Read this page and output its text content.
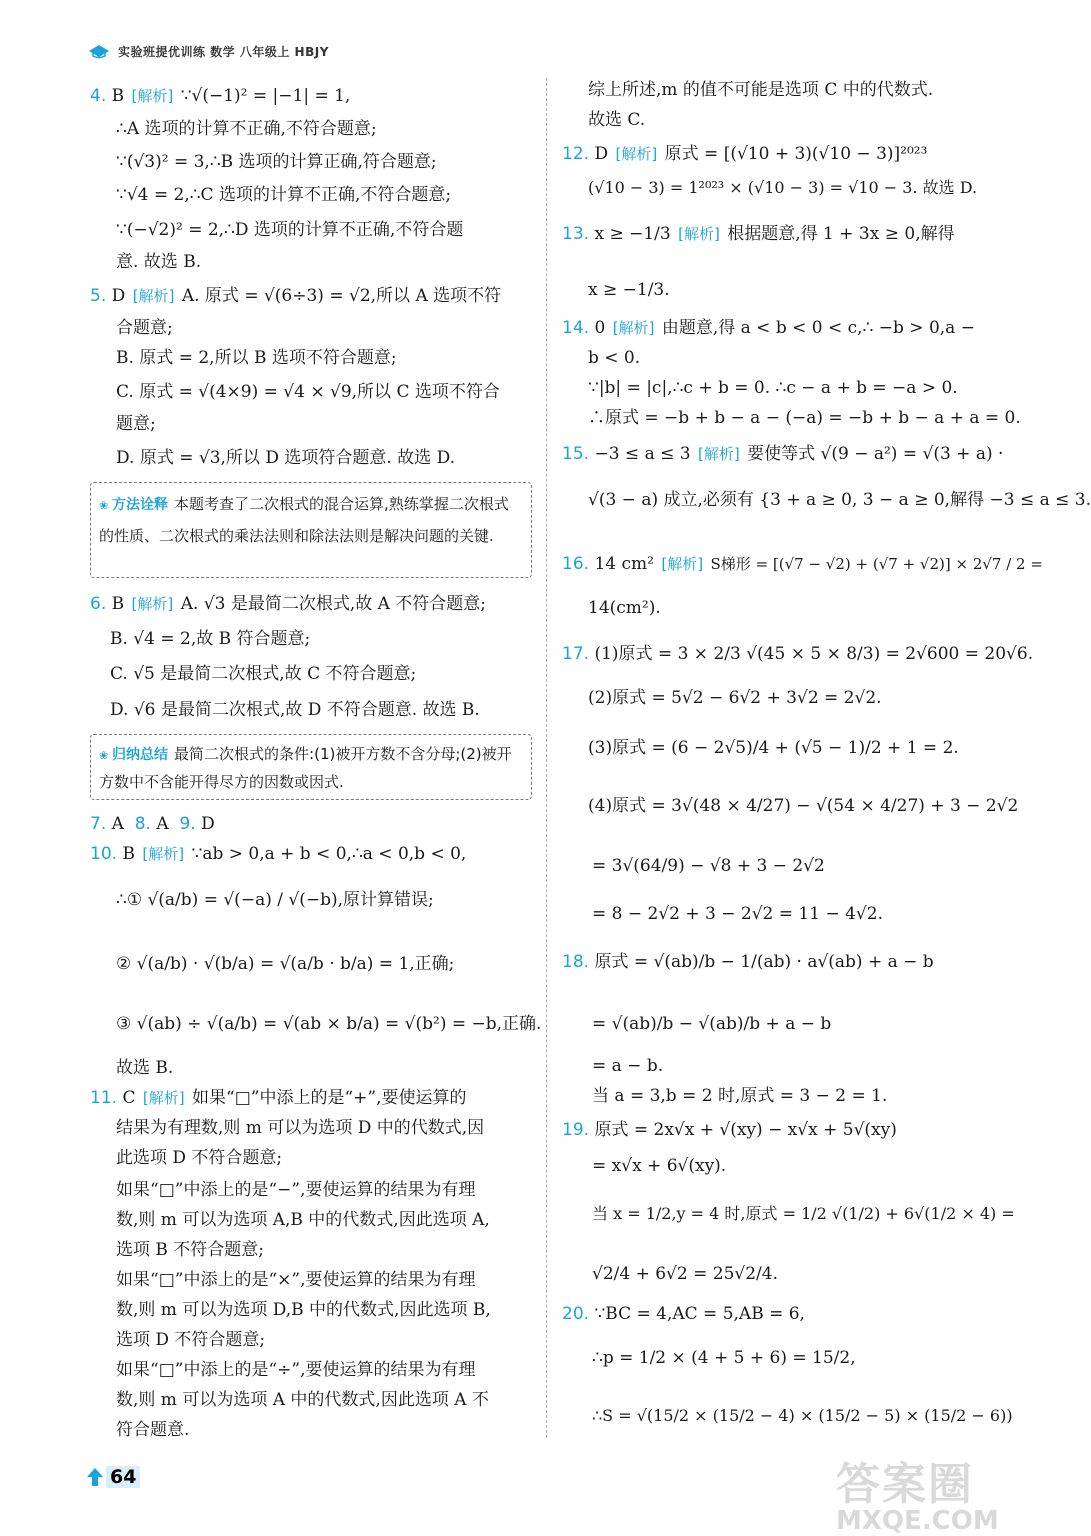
实验班提优训练 数学 八年级上 HBJY
4. B [ 解析 ] ∵√(−1)² = |−1| = 1,
∴A 选项的计算不正确,不符合题意;
∵(√3)² = 3,∴B 选项的计算正确,符合题意;
∵√4 = 2,∴C 选项的计算不正确,不符合题意;
∵(−√2)² = 2,∴D 选项的计算不正确,不符合题
意. 故选 B.
5. D [ 解析 ] A. 原式 = √(6÷3) = √2,所以 A 选项不符
合题意;
B. 原式 = 2,所以 B 选项不符合题意;
C. 原式 = √(4×9) = √4 × √9,所以 C 选项不符合
题意;
D. 原式 = √3,所以 D 选项符合题意. 故选 D.
❀ 方法诠释 本题考查了二次根式的混合运算,熟练掌握二次根式的性质、二次根式的乘法法则和除法法则是解决问题的关键.
6. B [ 解析 ] A. √3 是最简二次根式,故 A 不符合题意;
B. √4 = 2,故 B 符合题意;
C. √5 是最简二次根式,故 C 不符合题意;
D. √6 是最简二次根式,故 D 不符合题意. 故选 B.
❀ 归纳总结 最简二次根式的条件:(1)被开方数不含分母;(2)被开方数中不含能开得尽方的因数或因式.
7. A 8. A 9. D
10. B [ 解析 ] ∵ab > 0,a + b < 0,∴a < 0,b < 0,
∴① √(a/b) = √(−a) / √(−b),原计算错误;
② √(a/b) · √(b/a) = √(a/b · b/a) = 1,正确;
③ √(ab) ÷ √(a/b) = √(ab × b/a) = √(b²) = −b,正确.
故选 B.
11. C [ 解析 ] 如果“□”中添上的是“+”,要使运算的
结果为有理数,则 m 可以为选项 D 中的代数式,因
此选项 D 不符合题意;
如果“□”中添上的是“−”,要使运算的结果为有理
数,则 m 可以为选项 A,B 中的代数式,因此选项 A,
选项 B 不符合题意;
如果“□”中添上的是“×”,要使运算的结果为有理
数,则 m 可以为选项 D,B 中的代数式,因此选项 B,
选项 D 不符合题意;
如果“□”中添上的是“÷”,要使运算的结果为有理
数,则 m 可以为选项 A 中的代数式,因此选项 A 不
符合题意.
综上所述,m 的值不可能是选项 C 中的代数式.
故选 C.
12. D [ 解析 ] 原式 = [(√10 + 3)(√10 − 3)]²⁰²³
(√10 − 3) = 1²⁰²³ × (√10 − 3) = √10 − 3. 故选 D.
13. x ≥ −1/3 [ 解析 ] 根据题意,得 1 + 3x ≥ 0,解得
x ≥ −1/3.
14. 0 [ 解析 ] 由题意,得 a < b < 0 < c,∴ −b > 0,a −
b < 0.
∵|b| = |c|,∴c + b = 0. ∴c − a + b = −a > 0.
∴原式 = −b + b − a − (−a) = −b + b − a + a = 0.
15. −3 ≤ a ≤ 3 [ 解析 ] 要使等式 √(9 − a²) = √(3 + a) ·
√(3 − a) 成立,必须有 {3 + a ≥ 0, 3 − a ≥ 0,解得 −3 ≤ a ≤ 3.
16. 14 cm² [ 解析 ] S梯形 = [(√7 − √2) + (√7 + √2)] × 2√7 / 2 =
14(cm²).
17. (1)原式 = 3 × 2/3 √(45 × 5 × 8/3) = 2√600 = 20√6.
(2)原式 = 5√2 − 6√2 + 3√2 = 2√2.
(3)原式 = (6 − 2√5)/4 + (√5 − 1)/2 + 1 = 2.
(4)原式 = 3√(48 × 4/27) − √(54 × 4/27) + 3 − 2√2
= 3√(64/9) − √8 + 3 − 2√2
= 8 − 2√2 + 3 − 2√2 = 11 − 4√2.
18. 原式 = √(ab)/b − 1/(ab) · a√(ab) + a − b
= √(ab)/b − √(ab)/b + a − b
= a − b.
当 a = 3,b = 2 时,原式 = 3 − 2 = 1.
19. 原式 = 2x√x + √(xy) − x√x + 5√(xy)
= x√x + 6√(xy).
当 x = 1/2,y = 4 时,原式 = 1/2 √(1/2) + 6√(1/2 × 4) =
√2/4 + 6√2 = 25√2/4.
20. ∵BC = 4,AC = 5,AB = 6,
∴p = 1/2 × (4 + 5 + 6) = 15/2,
∴S = √(15/2 × (15/2 − 4) × (15/2 − 5) × (15/2 − 6))
64	答案圈
MXQE.COM
